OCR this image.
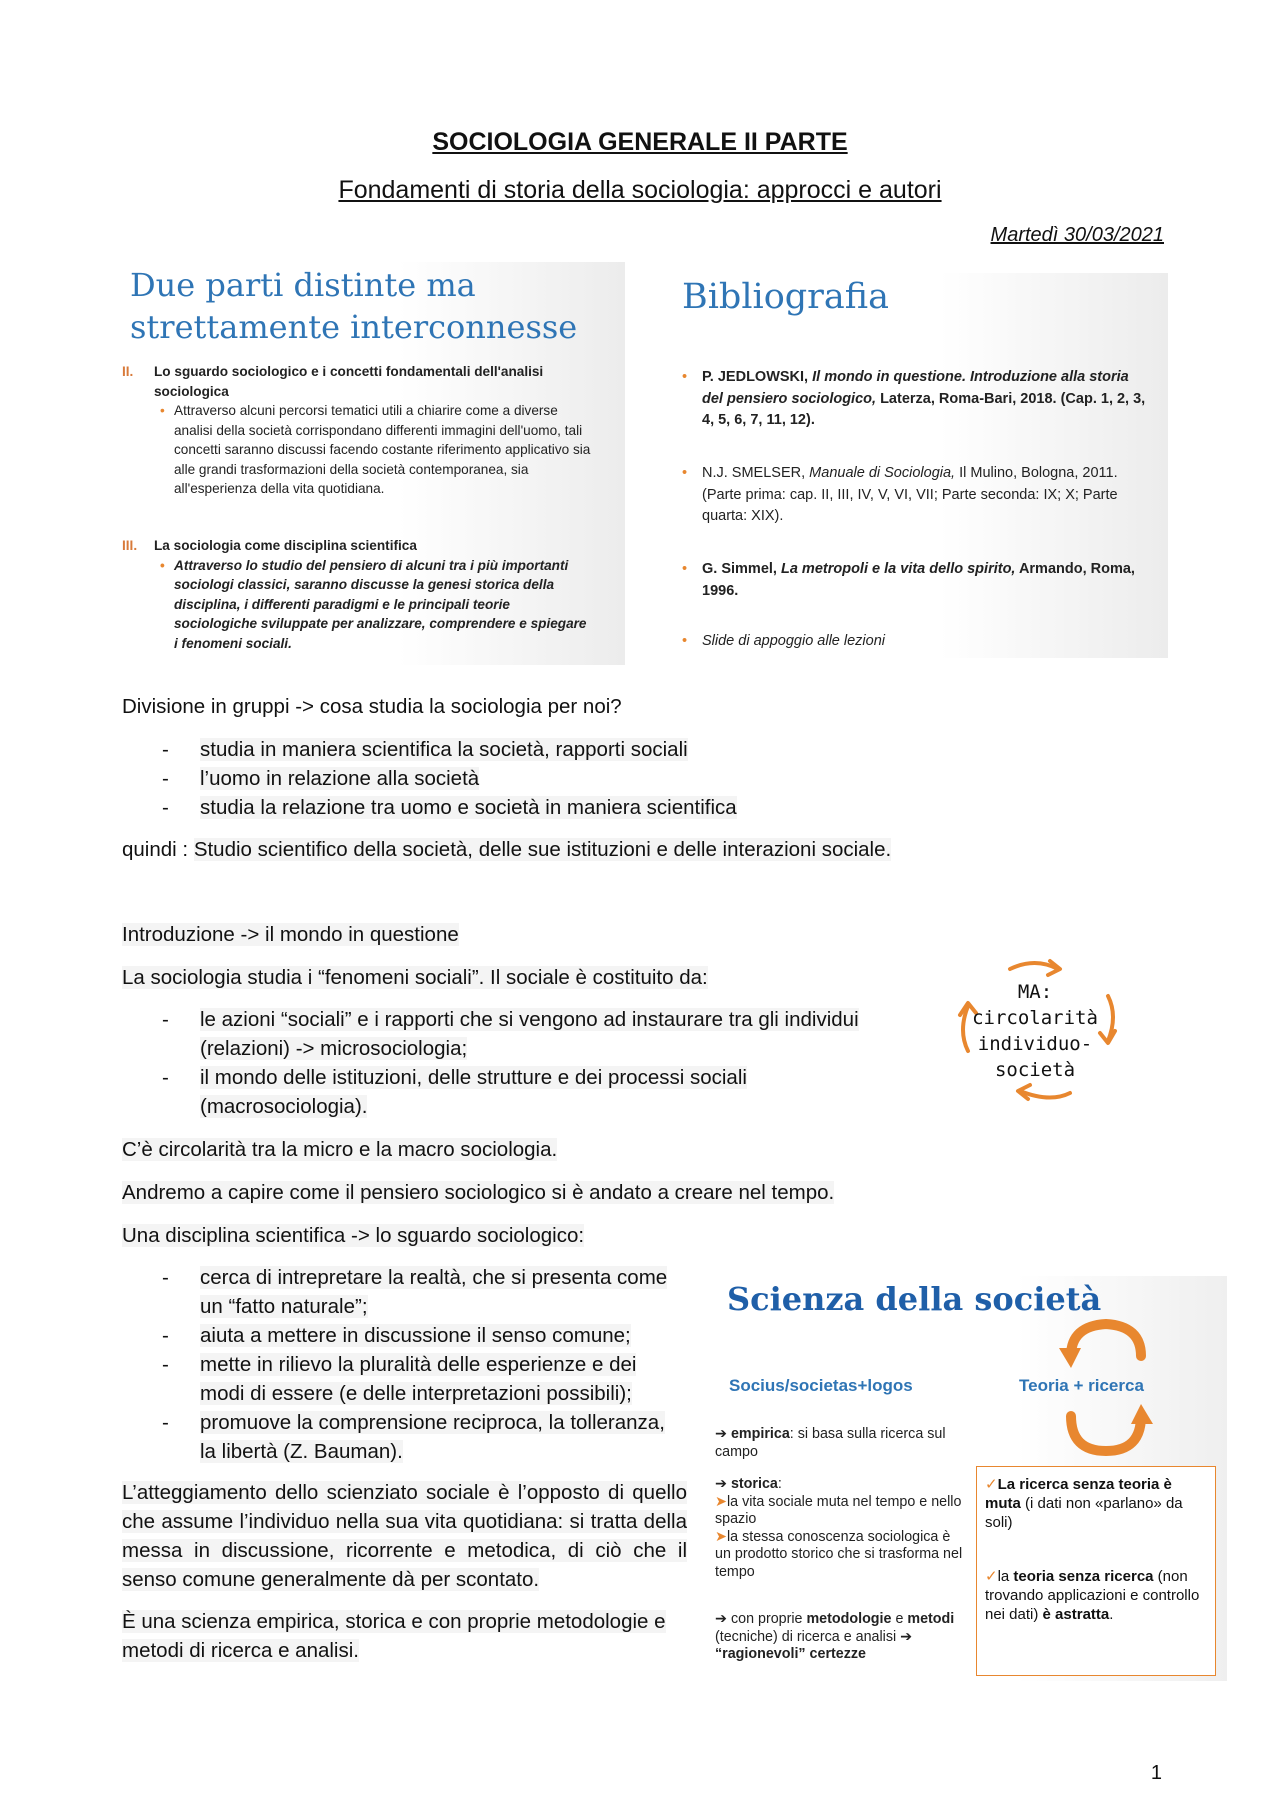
SOCIOLOGIA GENERALE II PARTE
Fondamenti di storia della sociologia: approcci e autori
Martedì 30/03/2021
Due parti distinte ma
strettamente interconnesse
II. Lo sguardo sociologico e i concetti fondamentali dell'analisi sociologica
• Attraverso alcuni percorsi tematici utili a chiarire come a diverse analisi della società corrispondano differenti immagini dell'uomo, tali concetti saranno discussi facendo costante riferimento applicativo sia alle grandi trasformazioni della società contemporanea, sia all'esperienza della vita quotidiana.
III. La sociologia come disciplina scientifica
• Attraverso lo studio del pensiero di alcuni tra i più importanti sociologi classici, saranno discusse la genesi storica della disciplina, i differenti paradigmi e le principali teorie sociologiche sviluppate per analizzare, comprendere e spiegare i fenomeni sociali.
Bibliografia
•	P. JEDLOWSKI, Il mondo in questione. Introduzione alla storia del pensiero sociologico, Laterza, Roma-Bari, 2018. (Cap. 1, 2, 3, 4, 5, 6, 7, 11, 12).
•	N.J. SMELSER, Manuale di Sociologia, Il Mulino, Bologna, 2011. (Parte prima: cap. II, III, IV, V, VI, VII; Parte seconda: IX; X; Parte quarta: XIX).
•	G. Simmel, La metropoli e la vita dello spirito, Armando, Roma, 1996.
•	Slide di appoggio alle lezioni
Divisione in gruppi -> cosa studia la sociologia per noi?
- studia in maniera scientifica la società, rapporti sociali
- l’uomo in relazione alla società
- studia la relazione tra uomo e società in maniera scientifica
quindi : Studio scientifico della società, delle sue istituzioni e delle interazioni sociale.
Introduzione -> il mondo in questione
La sociologia studia i “fenomeni sociali”. Il sociale è costituito da:
- le azioni “sociali” e i rapporti che si vengono ad instaurare tra gli individui (relazioni) -> microsociologia;
- il mondo delle istituzioni, delle strutture e dei processi sociali (macrosociologia).
C’è circolarità tra la micro e la macro sociologia.
Andremo a capire come il pensiero sociologico si è andato a creare nel tempo.
Una disciplina scientifica -> lo sguardo sociologico:
- cerca di intrepretare la realtà, che si presenta come un “fatto naturale”;
- aiuta a mettere in discussione il senso comune;
- mette in rilievo la pluralità delle esperienze e dei modi di essere (e delle interpretazioni possibili);
- promuove la comprensione reciproca, la tolleranza, la libertà (Z. Bauman).
L’atteggiamento dello scienziato sociale è l’opposto di quello che assume l’individuo nella sua vita quotidiana: si tratta della messa in discussione, ricorrente e metodica, di ciò che il senso comune generalmente dà per scontato.
È una scienza empirica, storica e con proprie metodologie e metodi di ricerca e analisi.
MA:
circolarità
individuo-società
Scienza della società
Socius/societas+logos	Teoria + ricerca
➔ empirica: si basa sulla ricerca sul campo
➔ storica:
➤la vita sociale muta nel tempo e nello spazio
➤la stessa conoscenza sociologica è un prodotto storico che si trasforma nel tempo
➔ con proprie metodologie e metodi (tecniche) di ricerca e analisi ➔ “ragionevoli” certezze
✓La ricerca senza teoria è muta (i dati non «parlano» da soli)
✓la teoria senza ricerca (non trovando applicazioni e controllo nei dati) è astratta.
1
